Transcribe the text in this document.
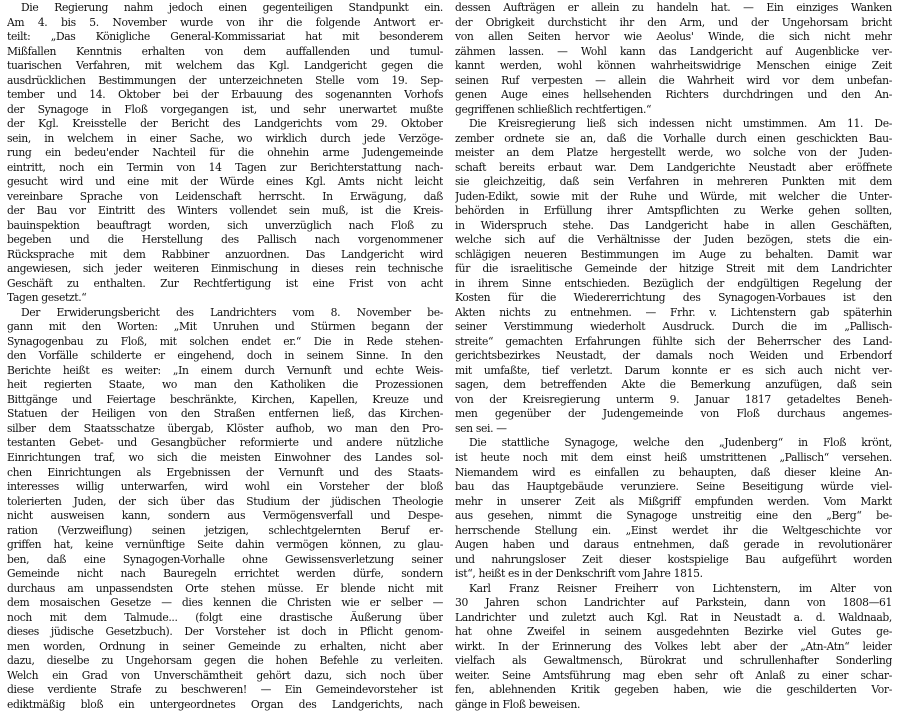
Die Regierung nahm jedoch einen gegenteiligen Standpunkt ein.
Am 4. bis 5. November wurde von ihr die folgende Antwort er-
teilt: „Das Königliche General-Kommissariat hat mit besonderem
Mißfallen Kenntnis erhalten von dem auffallenden und tumul-
tuarischen Verfahren, mit welchem das Kgl. Landgericht gegen die
ausdrücklichen Bestimmungen der unterzeichneten Stelle vom 19. Sep-
tember und 14. Oktober bei der Erbauung des sogenannten Vorhofs
der Synagoge in Floß vorgegangen ist, und sehr unerwartet mußte
der Kgl. Kreisstelle der Bericht des Landgerichts vom 29. Oktober
sein, in welchem in einer Sache, wo wirklich durch jede Verzöge-
rung ein bedeu'ender Nachteil für die ohnehin arme Judengemeinde
eintritt, noch ein Termin von 14 Tagen zur Berichterstattung nach-
gesucht wird und eine mit der Würde eines Kgl. Amts nicht leicht
vereinbare Sprache von Leidenschaft herrscht. In Erwägung, daß
der Bau vor Eintritt des Winters vollendet sein muß, ist die Kreis-
bauinspektion beauftragt worden, sich unverzüglich nach Floß zu
begeben und die Herstellung des Pallisch nach vorgenommener
Rücksprache mit dem Rabbiner anzuordnen. Das Landgericht wird
angewiesen, sich jeder weiteren Einmischung in dieses rein technische
Geschäft zu enthalten. Zur Rechtfertigung ist eine Frist von acht
Tagen gesetzt.“
Der Erwiderungsbericht des Landrichters vom 8. November be-
gann mit den Worten: „Mit Unruhen und Stürmen begann der
Synagogenbau zu Floß, mit solchen endet er.“ Die in Rede stehen-
den Vorfälle schilderte er eingehend, doch in seinem Sinne. In den
Berichte heißt es weiter: „In einem durch Vernunft und echte Weis-
heit regierten Staate, wo man den Katholiken die Prozessionen
Bittgänge und Feiertage beschränkte, Kirchen, Kapellen, Kreuze und
Statuen der Heiligen von den Straßen entfernen ließ, das Kirchen-
silber dem Staatsschatze übergab, Klöster aufhob, wo man den Pro-
testanten Gebet- und Gesangbücher reformierte und andere nützliche
Einrichtungen traf, wo sich die meisten Einwohner des Landes sol-
chen Einrichtungen als Ergebnissen der Vernunft und des Staats-
interesses willig unterwarfen, wird wohl ein Vorsteher der bloß
tolerierten Juden, der sich über das Studium der jüdischen Theologie
nicht ausweisen kann, sondern aus Vermögensverfall und Despe-
ration (Verzweiflung) seinen jetzigen, schlechtgelernten Beruf er-
griffen hat, keine vernünftige Seite dahin vermögen können, zu glau-
ben, daß eine Synagogen-Vorhalle ohne Gewissensverletzung seiner
Gemeinde nicht nach Bauregeln errichtet werden dürfe, sondern
durchaus am unpassendsten Orte stehen müsse. Er blende nicht mit
dem mosaischen Gesetze — dies kennen die Christen wie er selber —
noch mit dem Talmude... (folgt eine drastische Äußerung über
dieses jüdische Gesetzbuch). Der Vorsteher ist doch in Pflicht genom-
men worden, Ordnung in seiner Gemeinde zu erhalten, nicht aber
dazu, dieselbe zu Ungehorsam gegen die hohen Befehle zu verleiten.
Welch ein Grad von Unverschämtheit gehört dazu, sich noch über
diese verdiente Strafe zu beschweren! — Ein Gemeindevorsteher ist
ediktmäßig bloß ein untergeordnetes Organ des Landgerichts, nach
dessen Aufträgen er allein zu handeln hat. — Ein einziges Wanken
der Obrigkeit durchsticht ihr den Arm, und der Ungehorsam bricht
von allen Seiten hervor wie Aeolus' Winde, die sich nicht mehr
zähmen lassen. — Wohl kann das Landgericht auf Augenblicke ver-
kannt werden, wohl können wahrheitswidrige Menschen einige Zeit
seinen Ruf verpesten — allein die Wahrheit wird vor dem unbefan-
genen Auge eines hellsehenden Richters durchdringen und den An-
gegriffenen schließlich rechtfertigen.“
Die Kreisregierung ließ sich indessen nicht umstimmen. Am 11. De-
zember ordnete sie an, daß die Vorhalle durch einen geschickten Bau-
meister an dem Platze hergestellt werde, wo solche von der Juden-
schaft bereits erbaut war. Dem Landgerichte Neustadt aber eröffnete
sie gleichzeitig, daß sein Verfahren in mehreren Punkten mit dem
Juden-Edikt, sowie mit der Ruhe und Würde, mit welcher die Unter-
behörden in Erfüllung ihrer Amtspflichten zu Werke gehen sollten,
in Widerspruch stehe. Das Landgericht habe in allen Geschäften,
welche sich auf die Verhältnisse der Juden bezögen, stets die ein-
schlägigen neueren Bestimmungen im Auge zu behalten. Damit war
für die israelitische Gemeinde der hitzige Streit mit dem Landrichter
in ihrem Sinne entschieden. Bezüglich der endgültigen Regelung der
Kosten für die Wiedererrichtung des Synagogen-Vorbaues ist den
Akten nichts zu entnehmen. — Frhr. v. Lichtenstern gab späterhin
seiner Verstimmung wiederholt Ausdruck. Durch die im „Pallisch-
streite“ gemachten Erfahrungen fühlte sich der Beherrscher des Land-
gerichtsbezirkes Neustadt, der damals noch Weiden und Erbendorf
mit umfaßte, tief verletzt. Darum konnte er es sich auch nicht ver-
sagen, dem betreffenden Akte die Bemerkung anzufügen, daß sein
von der Kreisregierung unterm 9. Januar 1817 getadeltes Beneh-
men gegenüber der Judengemeinde von Floß durchaus angemes-
sen sei. —
Die stattliche Synagoge, welche den „Judenberg“ in Floß krönt,
ist heute noch mit dem einst heiß umstrittenen „Pallisch“ versehen.
Niemandem wird es einfallen zu behaupten, daß dieser kleine An-
bau das Hauptgebäude verunziere. Seine Beseitigung würde viel-
mehr in unserer Zeit als Mißgriff empfunden werden. Vom Markt
aus gesehen, nimmt die Synagoge unstreitig eine den „Berg“ be-
herrschende Stellung ein. „Einst werdet ihr die Weltgeschichte vor
Augen haben und daraus entnehmen, daß gerade in revolutionärer
und nahrungsloser Zeit dieser kostspielige Bau aufgeführt worden
ist“, heißt es in der Denkschrift vom Jahre 1815.
Karl Franz Reisner Freiherr von Lichtenstern, im Alter von
30 Jahren schon Landrichter auf Parkstein, dann von 1808—61
Landrichter und zuletzt auch Kgl. Rat in Neustadt a. d. Waldnaab,
hat ohne Zweifel in seinem ausgedehnten Bezirke viel Gutes ge-
wirkt. In der Erinnerung des Volkes lebt aber der „Atn-Atn“ leider
vielfach als Gewaltmensch, Bürokrat und schrullenhafter Sonderling
weiter. Seine Amtsführung mag eben sehr oft Anlaß zu einer schar-
fen, ablehnenden Kritik gegeben haben, wie die geschilderten Vor-
gänge in Floß beweisen.
